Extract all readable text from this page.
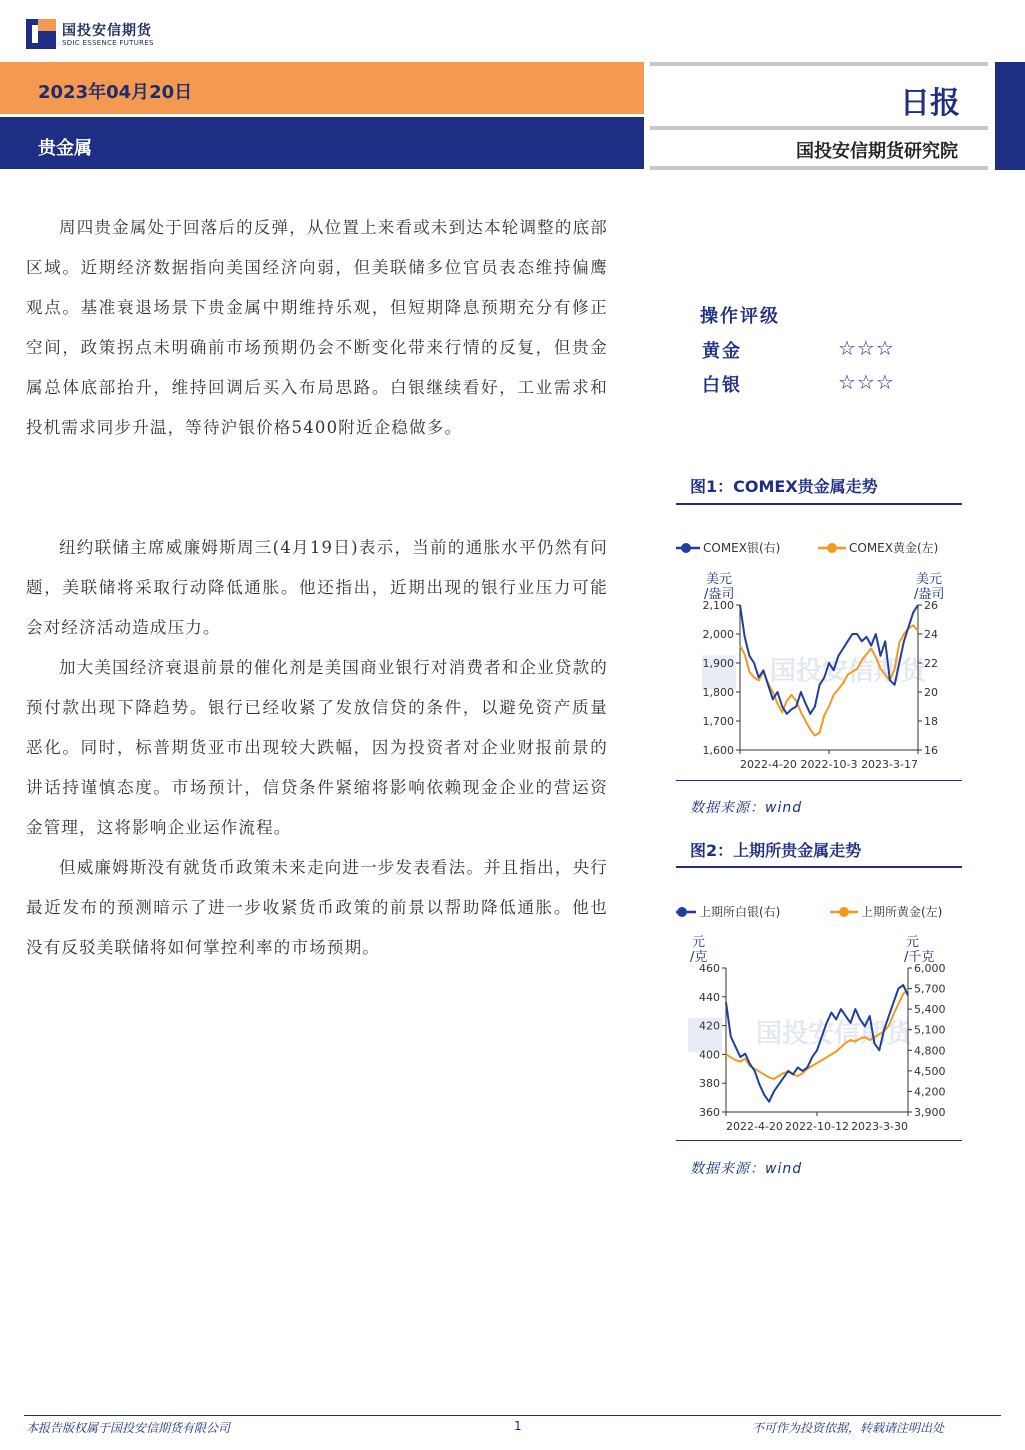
国投安信期货
SDIC ESSENCE FUTURES
2023年04月20日
贵金属
日报
国投安信期货研究院

周四贵金属处于回落后的反弹，从位置上来看或未到达本轮调整的底部区域。近期经济数据指向美国经济向弱，但美联储多位官员表态维持偏鹰观点。基准衰退场景下贵金属中期维持乐观，但短期降息预期充分有修正空间，政策拐点未明确前市场预期仍会不断变化带来行情的反复，但贵金属总体底部抬升，维持回调后买入布局思路。白银继续看好，工业需求和投机需求同步升温，等待沪银价格5400附近企稳做多。

纽约联储主席威廉姆斯周三(4月19日)表示，当前的通胀水平仍然有问题，美联储将采取行动降低通胀。他还指出，近期出现的银行业压力可能会对经济活动造成压力。

加大美国经济衰退前景的催化剂是美国商业银行对消费者和企业贷款的预付款出现下降趋势。银行已经收紧了发放信贷的条件，以避免资产质量恶化。同时，标普期货亚市出现较大跌幅，因为投资者对企业财报前景的讲话持谨慎态度。市场预计，信贷条件紧缩将影响依赖现金企业的营运资金管理，这将影响企业运作流程。

但威廉姆斯没有就货币政策未来走向进一步发表看法。并且指出，央行最近发布的预测暗示了进一步收紧货币政策的前景以帮助降低通胀。他也没有反驳美联储将如何掌控利率的市场预期。

操作评级
黄金	☆☆☆
白银	☆☆☆
图1：COMEX贵金属走势
国投安信期货
COMEX银(右)	COMEX黄金(左)
美元
/盎司
美元
/盎司
1,600
1,700
1,800
1,900
2,000
2,100
16
18
20
22
24
26
2022-4-20 2022-10-3 2023-3-17
数据来源：wind
图2：上期所贵金属走势
国投安信期货
上期所白银(右)	上期所黄金(左)
元
/克
元
/千克
360
380
400
420
440
460
3,900
4,200
4,500
4,800
5,100
5,400
5,700
6,000
2022-4-20 2022-10-12 2023-3-30
数据来源：wind
本报告版权属于国投安信期货有限公司	1	不可作为投资依据，转载请注明出处
